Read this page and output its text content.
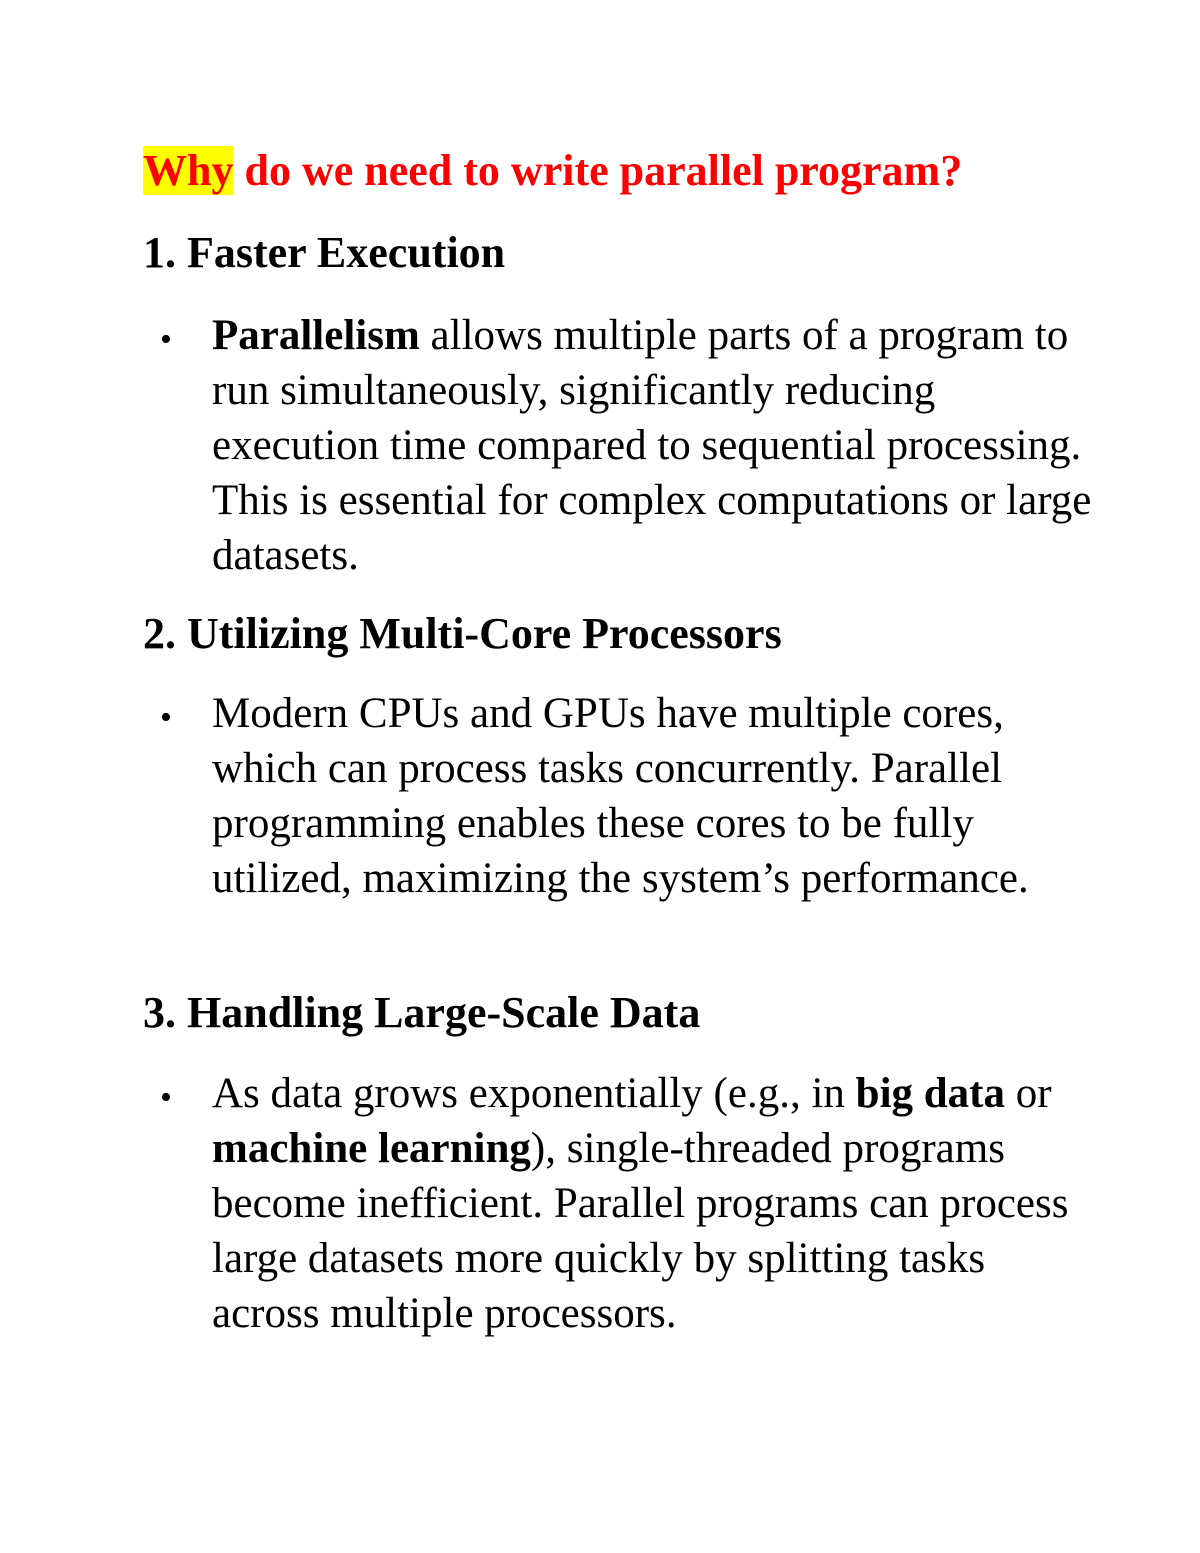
Why do we need to write parallel program?
1. Faster Execution
• Parallelism allows multiple parts of a program to run simultaneously, significantly reducing execution time compared to sequential processing. This is essential for complex computations or large datasets.

2. Utilizing Multi-Core Processors
• Modern CPUs and GPUs have multiple cores, which can process tasks concurrently. Parallel programming enables these cores to be fully utilized, maximizing the system’s performance.

3. Handling Large-Scale Data
• As data grows exponentially (e.g., in big data or machine learning), single-threaded programs become inefficient. Parallel programs can process large datasets more quickly by splitting tasks across multiple processors.
